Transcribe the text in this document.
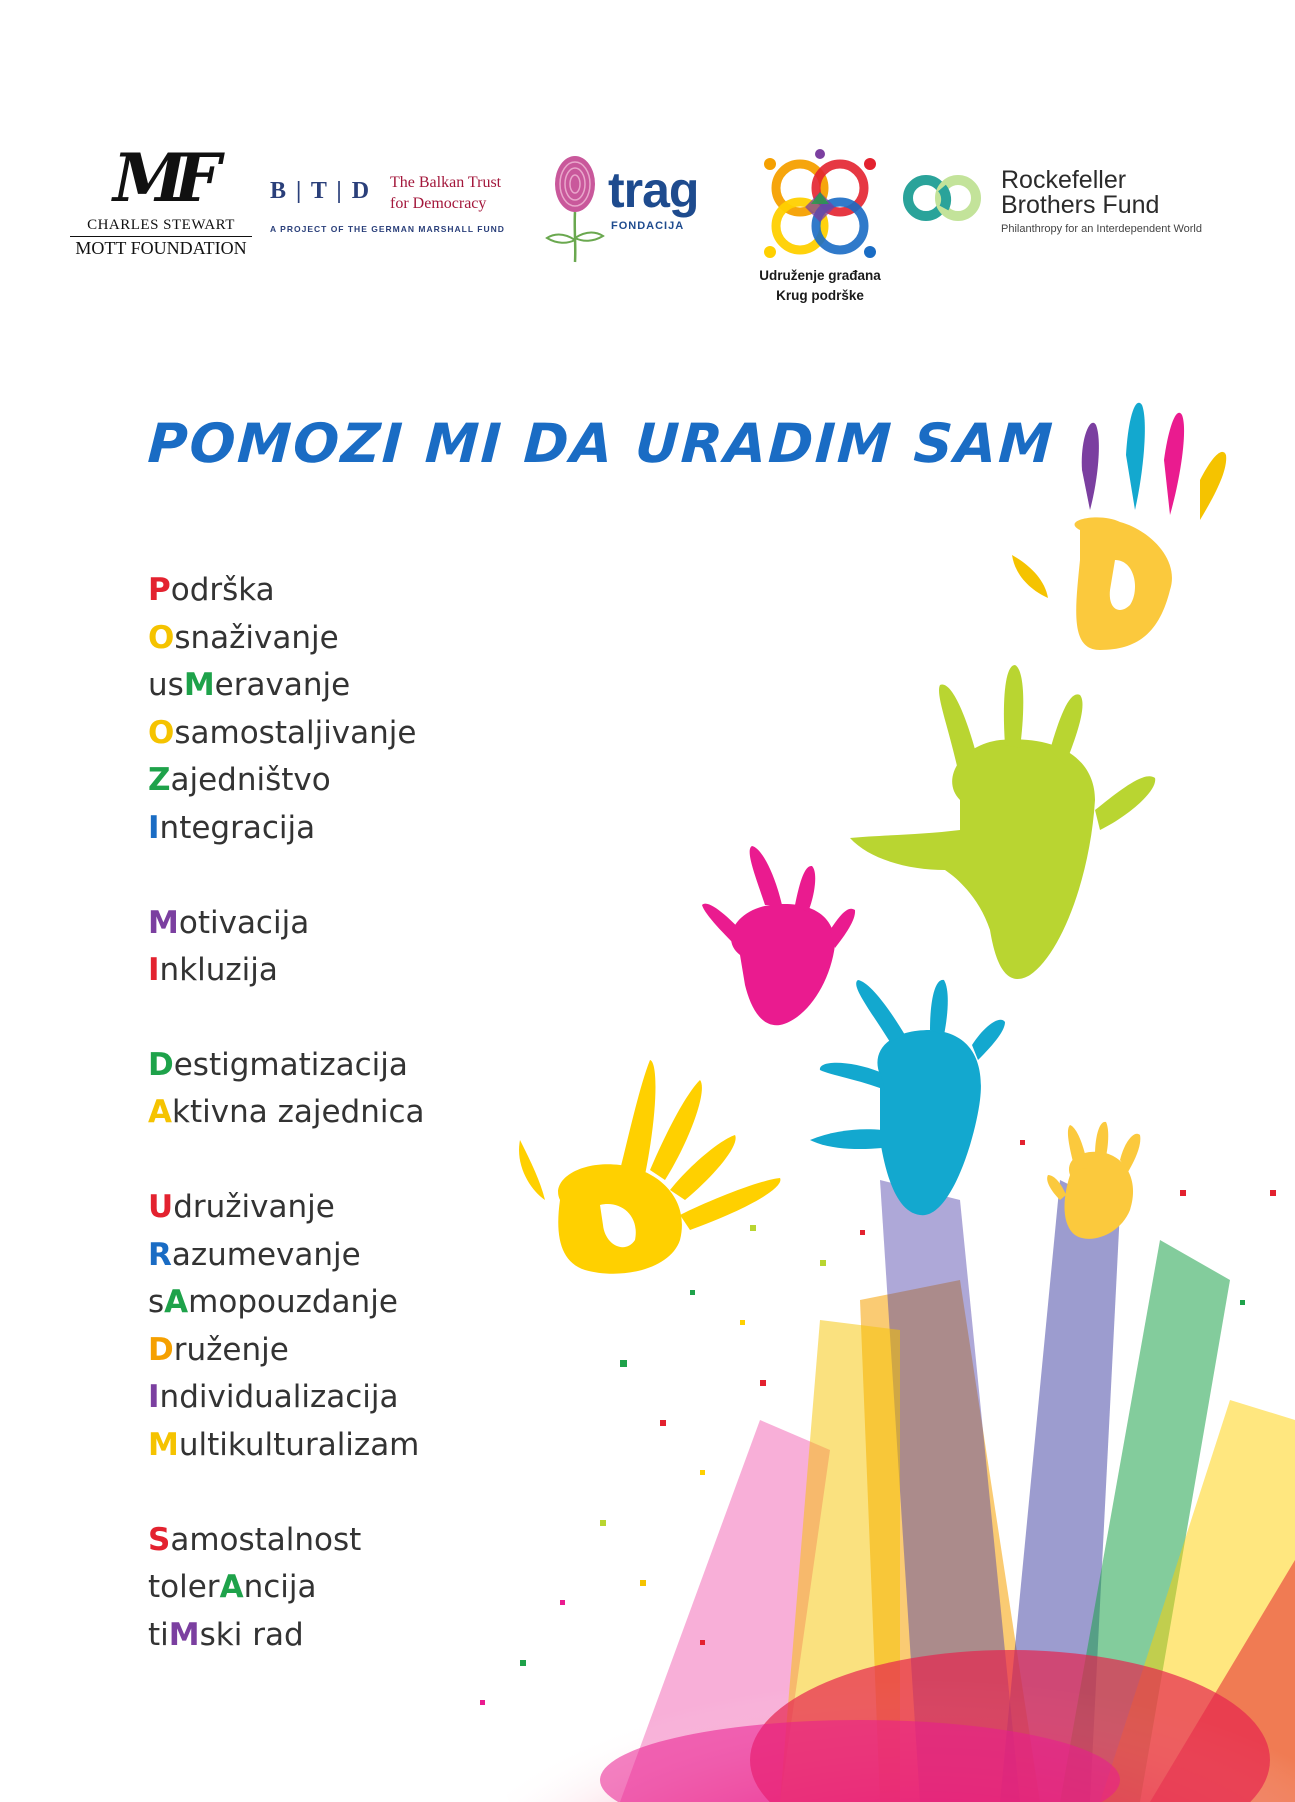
MF
CHARLES STEWART
MOTT FOUNDATION
B | T | D The Balkan Trust
for Democracy
A PROJECT OF THE GERMAN MARSHALL FUND
trag
FONDACIJA
Udruženje građana
Krug podrške
Rockefeller
Brothers Fund
Philanthropy for an Interdependent World
POMOZI MI DA URADIM SAM
Podrška
Osnaživanje
usMeravanje
Osamostaljivanje
Zajedništvo
Integracija
Motivacija
Inkluzija
Destigmatizacija
Aktivna zajednica
Udruživanje
Razumevanje
sAmopouzdanje
Druženje
Individualizacija
Multikulturalizam
Samostalnost
tolerAncija
tiMski rad
